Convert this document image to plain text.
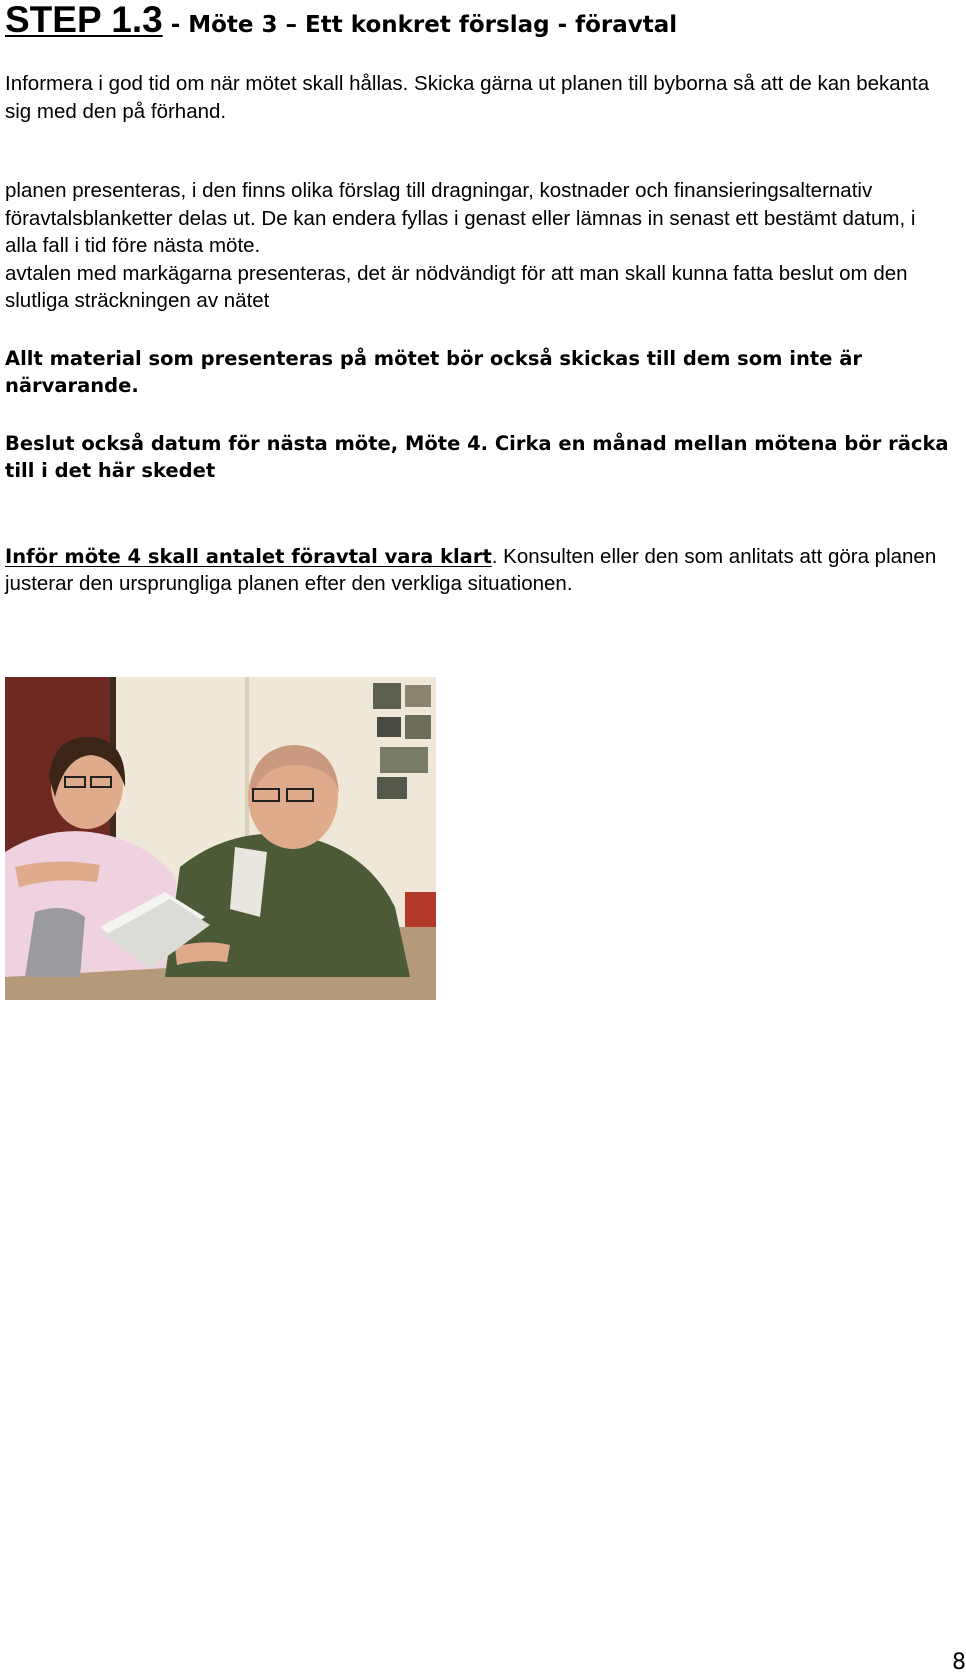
STEP 1.3 - Möte 3 – Ett konkret förslag - föravtal

Informera i god tid om när mötet skall hållas. Skicka gärna ut planen till byborna så att de kan bekanta sig med den på förhand.

planen presenteras, i den finns olika förslag till dragningar, kostnader och finansieringsalternativ

föravtalsblanketter delas ut. De kan endera fyllas i genast eller lämnas in senast ett bestämt datum, i alla fall i tid före nästa möte.

avtalen med markägarna presenteras, det är nödvändigt för att man skall kunna fatta beslut om den slutliga sträckningen av nätet

Allt material som presenteras på mötet bör också skickas till dem som inte är närvarande.

Beslut också datum för nästa möte, Möte 4. Cirka en månad mellan mötena bör räcka till i det här skedet

Inför möte 4 skall antalet föravtal vara klart. Konsulten eller den som anlitats att göra planen justerar den ursprungliga planen efter den verkliga situationen.

8
